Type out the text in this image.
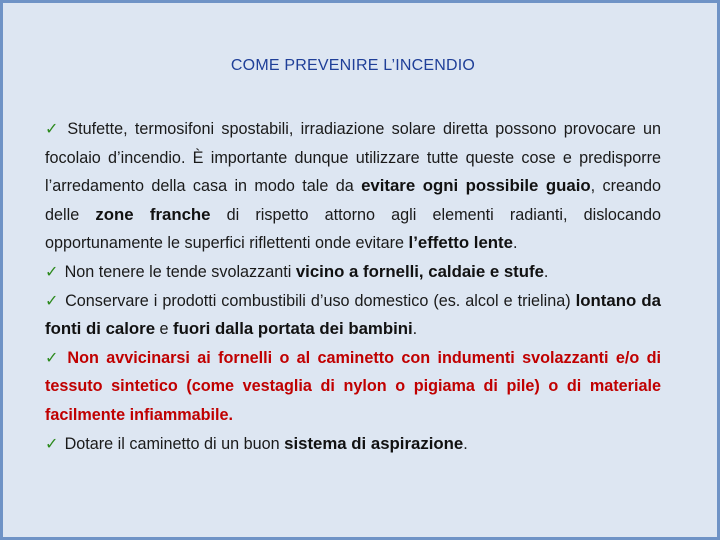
COME PREVENIRE L’INCENDIO

✓ Stufette, termosifoni spostabili, irradiazione solare diretta possono provocare un focolaio d’incendio. È importante dunque utilizzare tutte queste cose e predisporre l’arredamento della casa in modo tale da evitare ogni possibile guaio, creando delle zone franche di rispetto attorno agli elementi radianti, dislocando opportunamente le superfici riflettenti onde evitare l’effetto lente.

✓ Non tenere le tende svolazzanti vicino a fornelli, caldaie e stufe.

✓ Conservare i prodotti combustibili d’uso domestico (es. alcol e trielina) lontano da fonti di calore e fuori dalla portata dei bambini.

✓ Non avvicinarsi ai fornelli o al caminetto con indumenti svolazzanti e/o di tessuto sintetico (come vestaglia di nylon o pigiama di pile) o di materiale facilmente infiammabile.

✓ Dotare il caminetto di un buon sistema di aspirazione.
